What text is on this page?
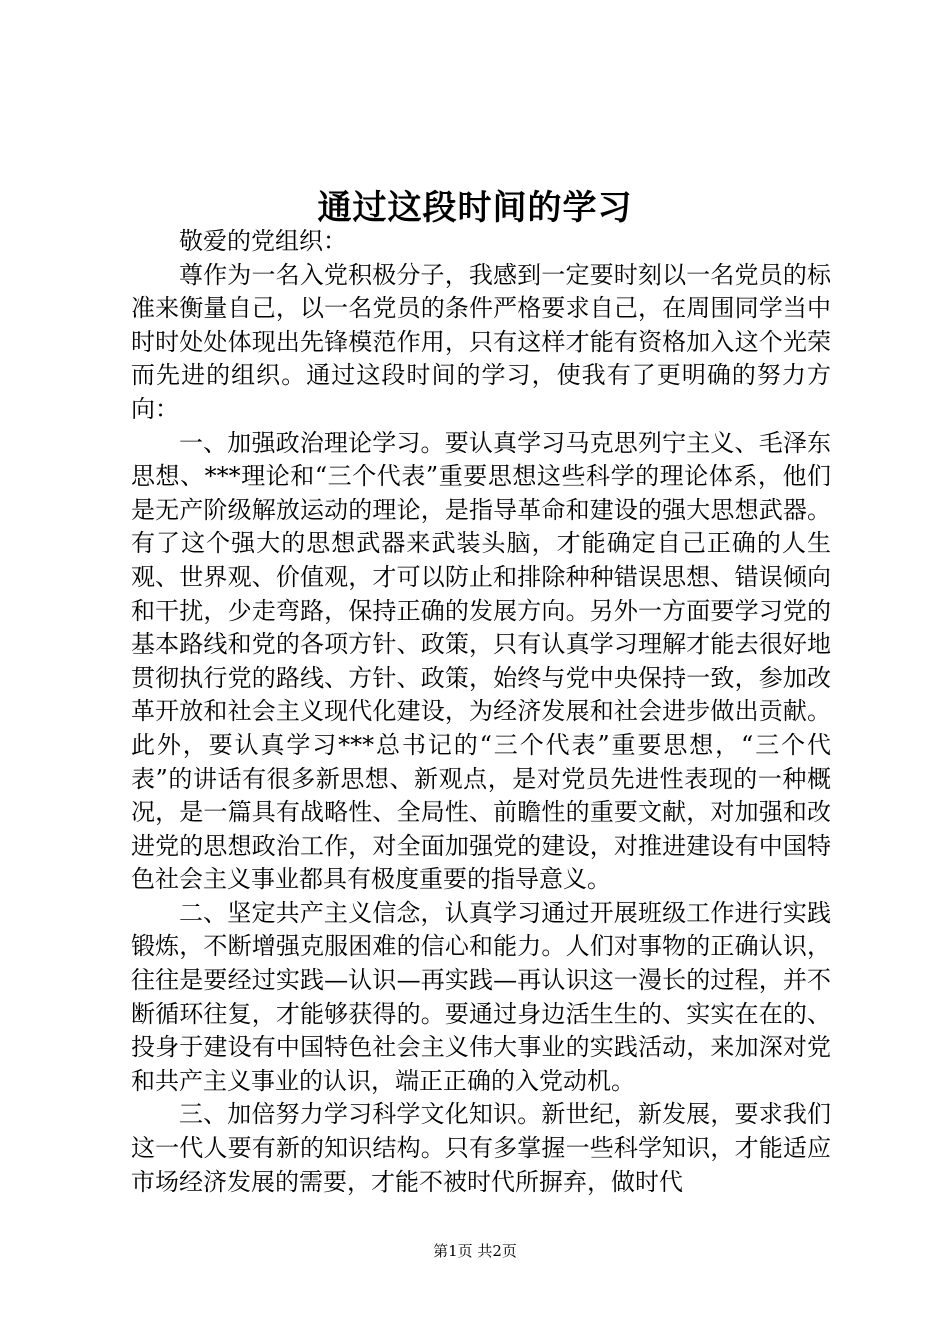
通过这段时间的学习

敬爱的党组织：

尊作为一名入党积极分子，我感到一定要时刻以一名党员的标准来衡量自己，以一名党员的条件严格要求自己，在周围同学当中时时处处体现出先锋模范作用，只有这样才能有资格加入这个光荣而先进的组织。通过这段时间的学习，使我有了更明确的努力方向：

一、加强政治理论学习。要认真学习马克思列宁主义、毛泽东思想、***理论和“三个代表”重要思想这些科学的理论体系，他们是无产阶级解放运动的理论，是指导革命和建设的强大思想武器。有了这个强大的思想武器来武装头脑，才能确定自己正确的人生观、世界观、价值观，才可以防止和排除种种错误思想、错误倾向和干扰，少走弯路，保持正确的发展方向。另外一方面要学习党的基本路线和党的各项方针、政策，只有认真学习理解才能去很好地贯彻执行党的路线、方针、政策，始终与党中央保持一致，参加改革开放和社会主义现代化建设，为经济发展和社会进步做出贡献。此外，要认真学习***总书记的“三个代表”重要思想，“三个代表”的讲话有很多新思想、新观点，是对党员先进性表现的一种概况，是一篇具有战略性、全局性、前瞻性的重要文献，对加强和改进党的思想政治工作，对全面加强党的建设，对推进建设有中国特色社会主义事业都具有极度重要的指导意义。

二、坚定共产主义信念，认真学习通过开展班级工作进行实践锻炼，不断增强克服困难的信心和能力。人们对事物的正确认识，往往是要经过实践—认识—再实践—再认识这一漫长的过程，并不断循环往复，才能够获得的。要通过身边活生生的、实实在在的、投身于建设有中国特色社会主义伟大事业的实践活动，来加深对党和共产主义事业的认识，端正正确的入党动机。

三、加倍努力学习科学文化知识。新世纪，新发展，要求我们这一代人要有新的知识结构。只有多掌握一些科学知识，才能适应市场经济发展的需要，才能不被时代所摒弃，做时代

第1页 共2页
